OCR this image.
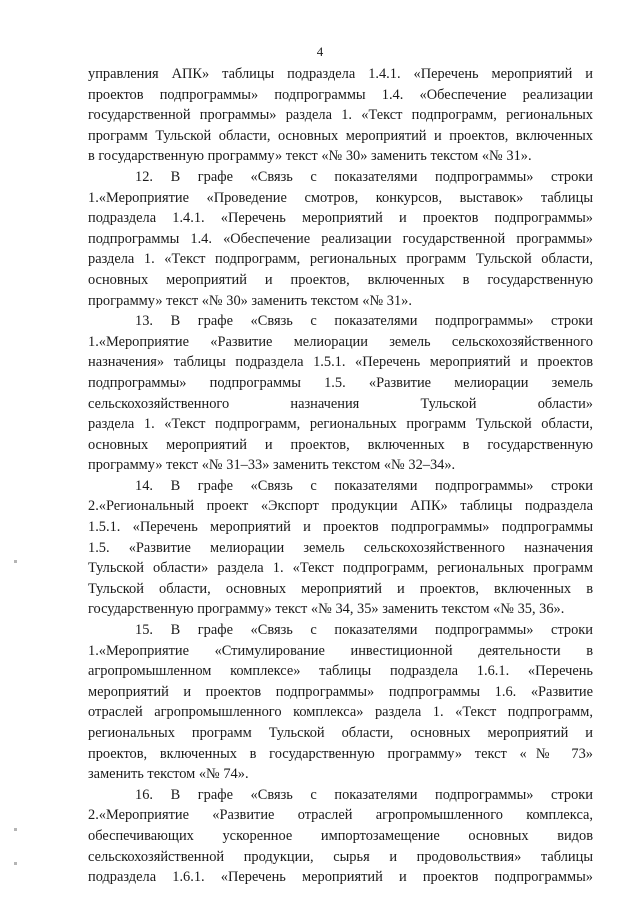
4
управления АПК» таблицы подраздела 1.4.1. «Перечень мероприятий и
проектов подпрограммы» подпрограммы 1.4. «Обеспечение реализации
государственной программы» раздела 1. «Текст подпрограмм, региональных
программ Тульской области, основных мероприятий и проектов, включенных
в государственную программу» текст «№ 30» заменить текстом «№ 31».
12. В графе «Связь с показателями подпрограммы» строки
1.«Мероприятие «Проведение смотров, конкурсов, выставок» таблицы
подраздела 1.4.1. «Перечень мероприятий и проектов подпрограммы»
подпрограммы 1.4. «Обеспечение реализации государственной программы»
раздела 1. «Текст подпрограмм, региональных программ Тульской области,
основных мероприятий и проектов, включенных в государственную
программу» текст «№ 30» заменить текстом «№ 31».
13. В графе «Связь с показателями подпрограммы» строки
1.«Мероприятие «Развитие мелиорации земель сельскохозяйственного
назначения» таблицы подраздела 1.5.1. «Перечень мероприятий и проектов
подпрограммы» подпрограммы 1.5. «Развитие мелиорации земель
сельскохозяйственного назначения Тульской области»
раздела 1. «Текст подпрограмм, региональных программ Тульской области,
основных мероприятий и проектов, включенных в государственную
программу» текст «№ 31–33» заменить текстом «№ 32–34».
14. В графе «Связь с показателями подпрограммы» строки
2.«Региональный проект «Экспорт продукции АПК» таблицы подраздела
1.5.1. «Перечень мероприятий и проектов подпрограммы» подпрограммы
1.5. «Развитие мелиорации земель сельскохозяйственного назначения
Тульской области» раздела 1. «Текст подпрограмм, региональных программ
Тульской области, основных мероприятий и проектов, включенных в
государственную программу» текст «№ 34, 35» заменить текстом «№ 35, 36».
15. В графе «Связь с показателями подпрограммы» строки
1.«Мероприятие «Стимулирование инвестиционной деятельности в
агропромышленном комплексе» таблицы подраздела 1.6.1. «Перечень
мероприятий и проектов подпрограммы» подпрограммы 1.6. «Развитие
отраслей агропромышленного комплекса» раздела 1. «Текст подпрограмм,
региональных программ Тульской области, основных мероприятий и
проектов, включенных в государственную программу» текст «№ 73»
заменить текстом «№ 74».
16. В графе «Связь с показателями подпрограммы» строки
2.«Мероприятие «Развитие отраслей агропромышленного комплекса,
обеспечивающих ускоренное импортозамещение основных видов
сельскохозяйственной продукции, сырья и продовольствия» таблицы
подраздела 1.6.1. «Перечень мероприятий и проектов подпрограммы»
